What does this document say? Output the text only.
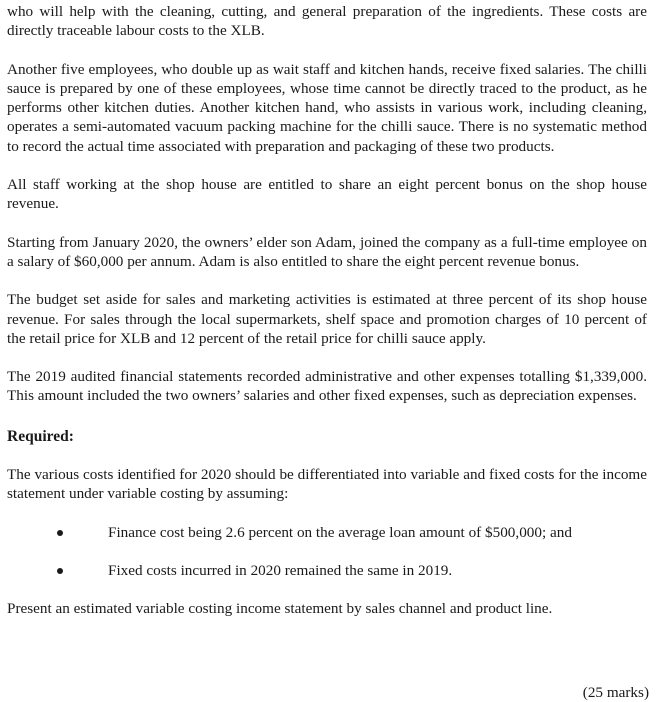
who will help with the cleaning, cutting, and general preparation of the ingredients. These costs are directly traceable labour costs to the XLB.

Another five employees, who double up as wait staff and kitchen hands, receive fixed salaries. The chilli sauce is prepared by one of these employees, whose time cannot be directly traced to the product, as he performs other kitchen duties. Another kitchen hand, who assists in various work, including cleaning, operates a semi-automated vacuum packing machine for the chilli sauce. There is no systematic method to record the actual time associated with preparation and packaging of these two products.

All staff working at the shop house are entitled to share an eight percent bonus on the shop house revenue.

Starting from January 2020, the owners’ elder son Adam, joined the company as a full-time employee on a salary of $60,000 per annum. Adam is also entitled to share the eight percent revenue bonus.

The budget set aside for sales and marketing activities is estimated at three percent of its shop house revenue. For sales through the local supermarkets, shelf space and promotion charges of 10 percent of the retail price for XLB and 12 percent of the retail price for chilli sauce apply.

The 2019 audited financial statements recorded administrative and other expenses totalling $1,339,000. This amount included the two owners’ salaries and other fixed expenses, such as depreciation expenses.

Required:

The various costs identified for 2020 should be differentiated into variable and fixed costs for the income statement under variable costing by assuming:

Finance cost being 2.6 percent on the average loan amount of $500,000; and
Fixed costs incurred in 2020 remained the same in 2019.

Present an estimated variable costing income statement by sales channel and product line.

(25 marks)
